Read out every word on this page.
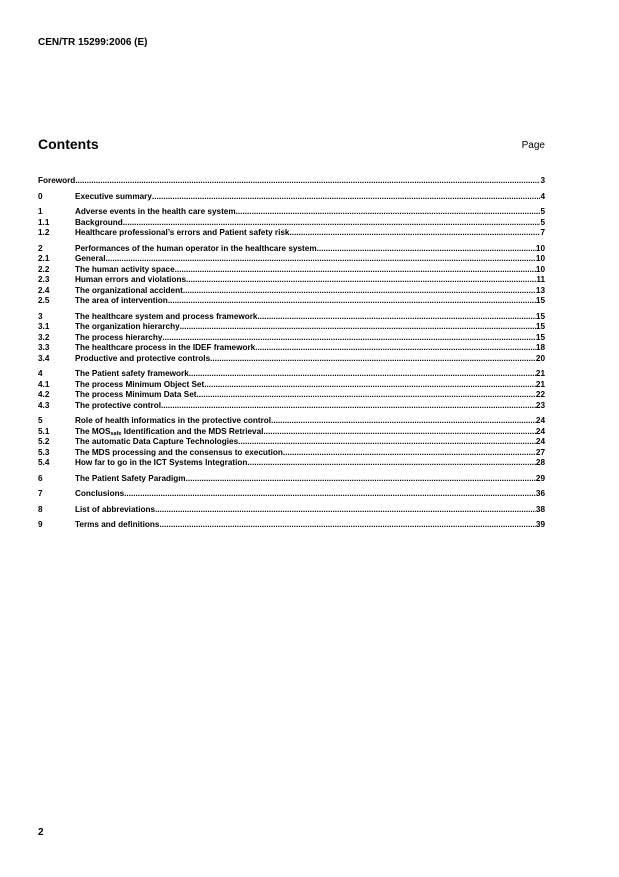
CEN/TR 15299:2006 (E)
Contents	Page
Foreword .....	3
0	Executive summary .....	4
1	Adverse events in the health care system .....	5
1.1	Background .....	5
1.2	Healthcare professional’s errors and Patient safety risk .....	7
2	Performances of the human operator in the healthcare system .....	10
2.1	General .....	10
2.2	The human activity space .....	10
2.3	Human errors and violations .....	11
2.4	The organizational accident .....	13
2.5	The area of intervention .....	15
3	The healthcare system and process framework .....	15
3.1	The organization hierarchy .....	15
3.2	The process hierarchy .....	15
3.3	The healthcare process in the IDEF framework .....	18
3.4	Productive and protective controls .....	20
4	The Patient safety framework .....	21
4.1	The process Minimum Object Set .....	21
4.2	The process Minimum Data Set .....	22
4.3	The protective control .....	23
5	Role of health informatics in the protective control .....	24
5.1	The $MOS_{safe}$ Identification and the MDS Retrieval .....	24
5.2	The automatic Data Capture Technologies .....	24
5.3	The MDS processing and the consensus to execution .....	27
5.4	How far to go in the ICT Systems Integration .....	28
6	The Patient Safety Paradigm .....	29
7	Conclusions .....	36
8	List of abbreviations .....	38
9	Terms and definitions .....	39
2
